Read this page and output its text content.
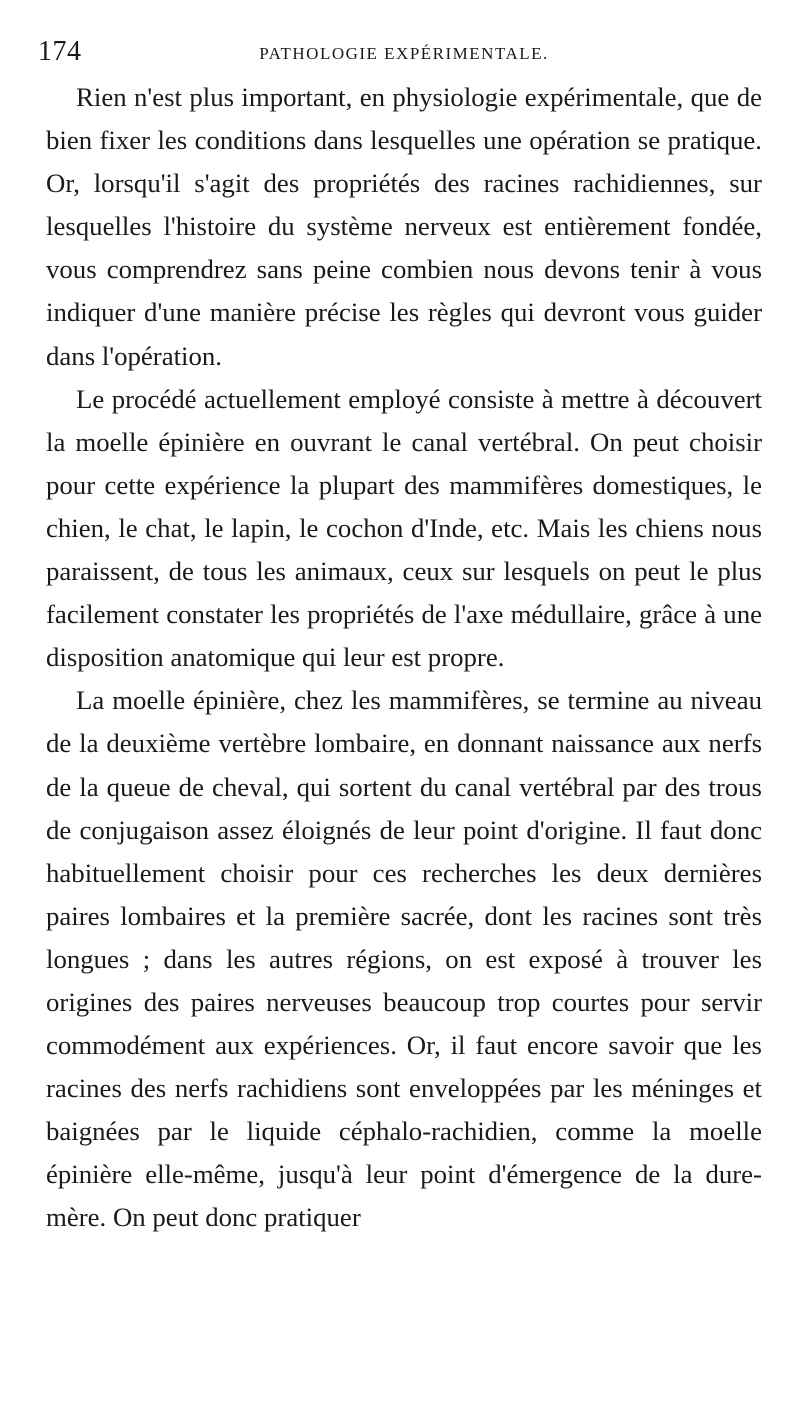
174	PATHOLOGIE EXPÉRIMENTALE.

Rien n'est plus important, en physiologie expérimentale, que de bien fixer les conditions dans lesquelles une opération se pratique. Or, lorsqu'il s'agit des propriétés des racines rachidiennes, sur lesquelles l'histoire du système nerveux est entièrement fondée, vous comprendrez sans peine combien nous devons tenir à vous indiquer d'une manière précise les règles qui devront vous guider dans l'opération.

Le procédé actuellement employé consiste à mettre à découvert la moelle épinière en ouvrant le canal vertébral. On peut choisir pour cette expérience la plupart des mammifères domestiques, le chien, le chat, le lapin, le cochon d'Inde, etc. Mais les chiens nous paraissent, de tous les animaux, ceux sur lesquels on peut le plus facilement constater les propriétés de l'axe médullaire, grâce à une disposition anatomique qui leur est propre.

La moelle épinière, chez les mammifères, se termine au niveau de la deuxième vertèbre lombaire, en donnant naissance aux nerfs de la queue de cheval, qui sortent du canal vertébral par des trous de conjugaison assez éloignés de leur point d'origine. Il faut donc habituellement choisir pour ces recherches les deux dernières paires lombaires et la première sacrée, dont les racines sont très longues ; dans les autres régions, on est exposé à trouver les origines des paires nerveuses beaucoup trop courtes pour servir commodément aux expériences. Or, il faut encore savoir que les racines des nerfs rachidiens sont enveloppées par les méninges et baignées par le liquide céphalo-rachidien, comme la moelle épinière elle-même, jusqu'à leur point d'émergence de la dure-mère. On peut donc pratiquer
